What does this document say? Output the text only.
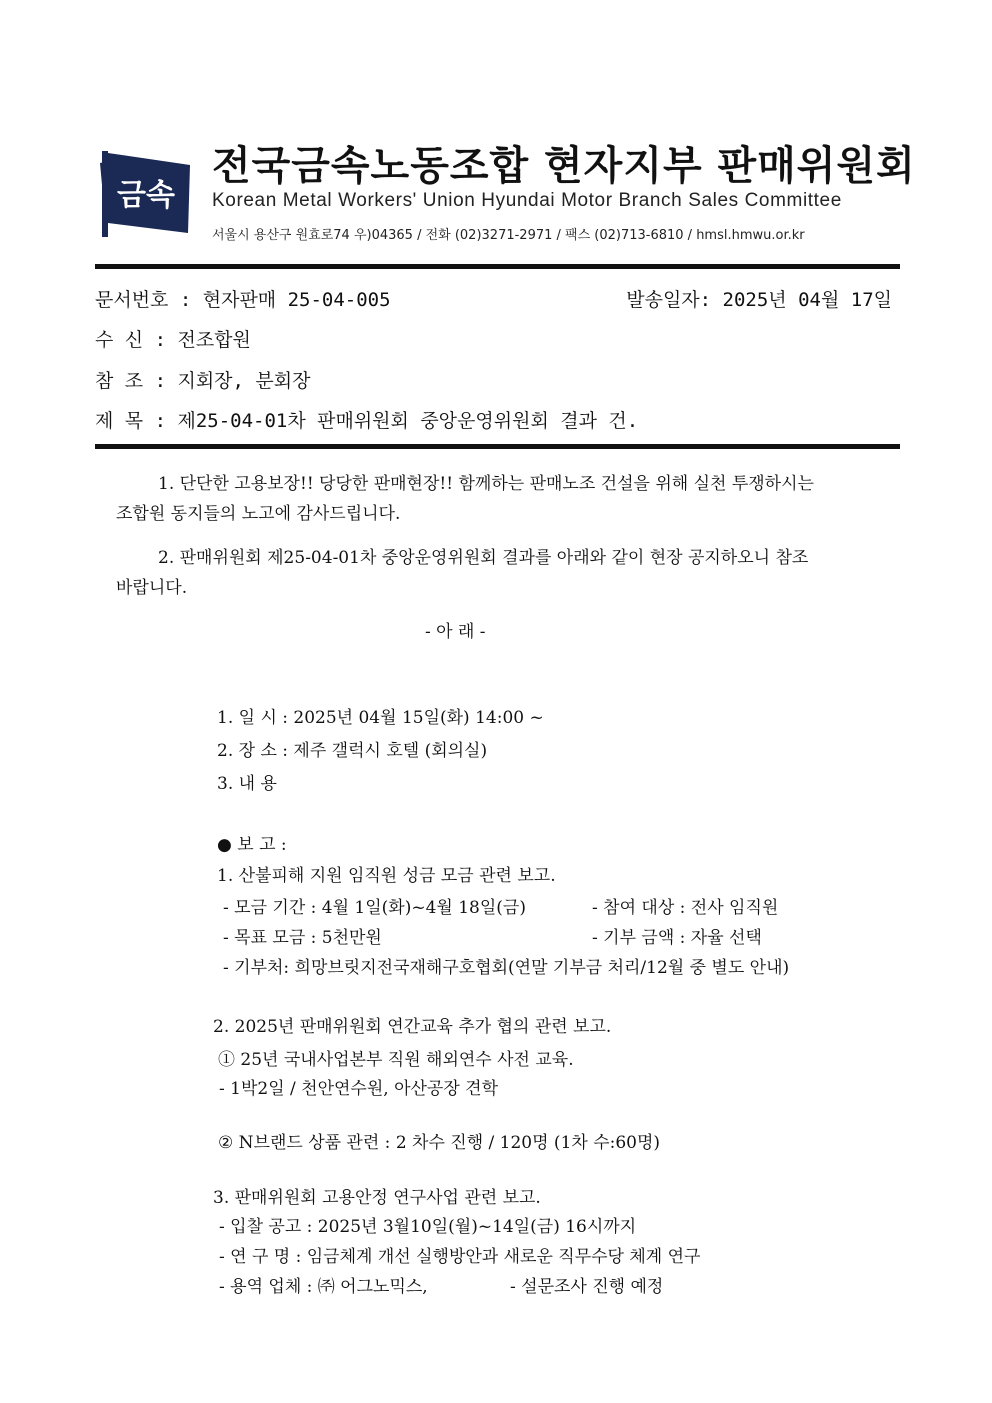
금속
전국금속노동조합 현자지부 판매위원회
Korean Metal Workers' Union Hyundai Motor Branch Sales Committee
서울시 용산구 원효로74 우)04365 / 전화 (02)3271-2971 / 팩스 (02)713-6810 / hmsl.hmwu.or.kr
문서번호 : 현자판매 25-04-005	발송일자: 2025년 04월 17일
수 신 : 전조합원
참 조 : 지회장, 분회장
제 목 : 제25-04-01차 판매위원회 중앙운영위원회 결과 건.
1. 단단한 고용보장!! 당당한 판매현장!! 함께하는 판매노조 건설을 위해 실천 투쟁하시는
조합원 동지들의 노고에 감사드립니다.
2. 판매위원회 제25-04-01차 중앙운영위원회 결과를 아래와 같이 현장 공지하오니 참조
바랍니다.
- 아 래 -
1. 일 시 : 2025년 04월 15일(화) 14:00 ~
2. 장 소 : 제주 갤럭시 호텔 (회의실)
3. 내 용
● 보 고 :
1. 산불피해 지원 임직원 성금 모금 관련 보고.
- 모금 기간 : 4월 1일(화)~4월 18일(금)	- 참여 대상 : 전사 임직원
- 목표 모금 : 5천만원	- 기부 금액 : 자율 선택
- 기부처: 희망브릿지전국재해구호협회(연말 기부금 처리/12월 중 별도 안내)
2. 2025년 판매위원회 연간교육 추가 협의 관련 보고.
① 25년 국내사업본부 직원 해외연수 사전 교육.
- 1박2일 / 천안연수원, 아산공장 견학
② N브랜드 상품 관련 : 2 차수 진행 / 120명 (1차 수:60명)
3. 판매위원회 고용안정 연구사업 관련 보고.
- 입찰 공고 : 2025년 3월10일(월)~14일(금) 16시까지
- 연 구 명 : 임금체계 개선 실행방안과 새로운 직무수당 체계 연구
- 용역 업체 : ㈜ 어그노믹스,	- 설문조사 진행 예정
